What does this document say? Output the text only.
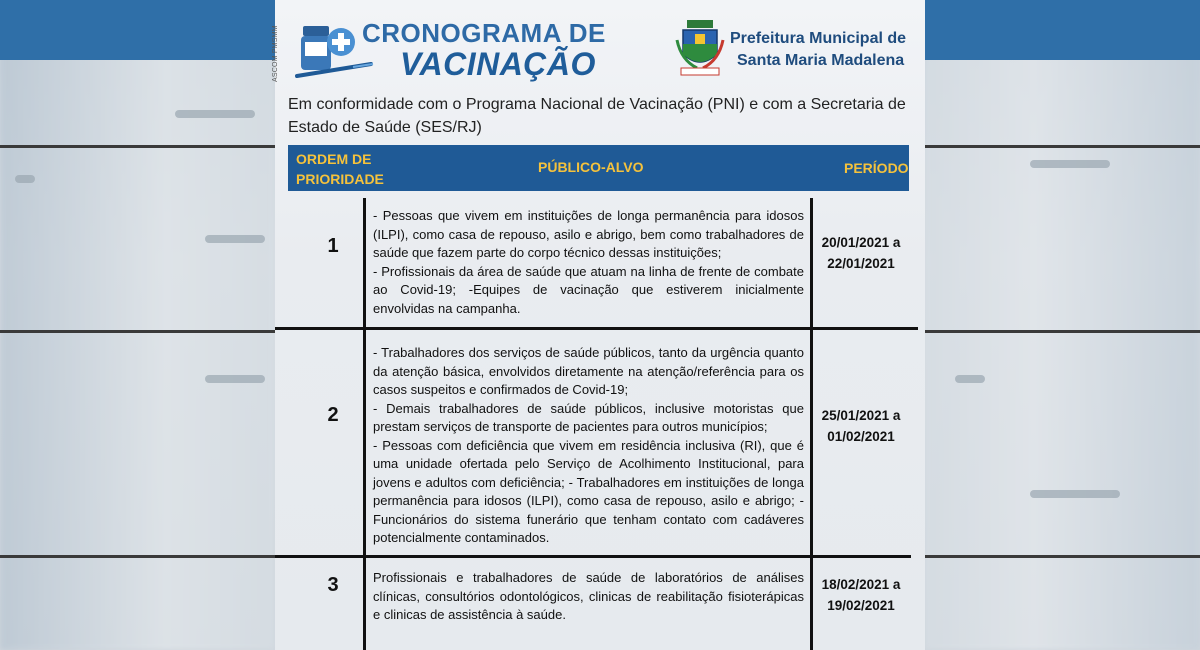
CRONOGRAMA DE
VACINAÇÃO
Prefeitura Municipal de
Santa Maria Madalena
Em conformidade com o Programa Nacional de Vacinação (PNI) e com a Secretaria de Estado de Saúde (SES/RJ)
ORDEM DE PRIORIDADE
PÚBLICO-ALVO	PERÍODO
1

- Pessoas que vivem em instituições de longa permanência para idosos (ILPI), como casa de repouso, asilo e abrigo, bem como trabalhadores de saúde que fazem parte do corpo técnico dessas instituições;

- Profissionais da área de saúde que atuam na linha de frente de combate ao Covid-19; -Equipes de vacinação que estiverem inicialmente envolvidas na campanha.

20/01/2021 a 22/01/2021
2

- Trabalhadores dos serviços de saúde públicos, tanto da urgência quanto da atenção básica, envolvidos diretamente na atenção/referência para os casos suspeitos e confirmados de Covid-19;

- Demais trabalhadores de saúde públicos, inclusive motoristas que prestam serviços de transporte de pacientes para outros municípios;

- Pessoas com deficiência que vivem em residência inclusiva (RI), que é uma unidade ofertada pelo Serviço de Acolhimento Institucional, para jovens e adultos com deficiência; - Trabalhadores em instituições de longa permanência para idosos (ILPI), como casa de repouso, asilo e abrigo; - Funcionários do sistema funerário que tenham contato com cadáveres potencialmente contaminados.

25/01/2021 a 01/02/2021
3	Profissionais e trabalhadores de saúde de laboratórios de análises clínicas, consultórios odontológicos, clinicas de reabilitação fisioterápicas e clinicas de assistência à saúde.

18/02/2021 a 19/02/2021
ASCOM PMSMM
